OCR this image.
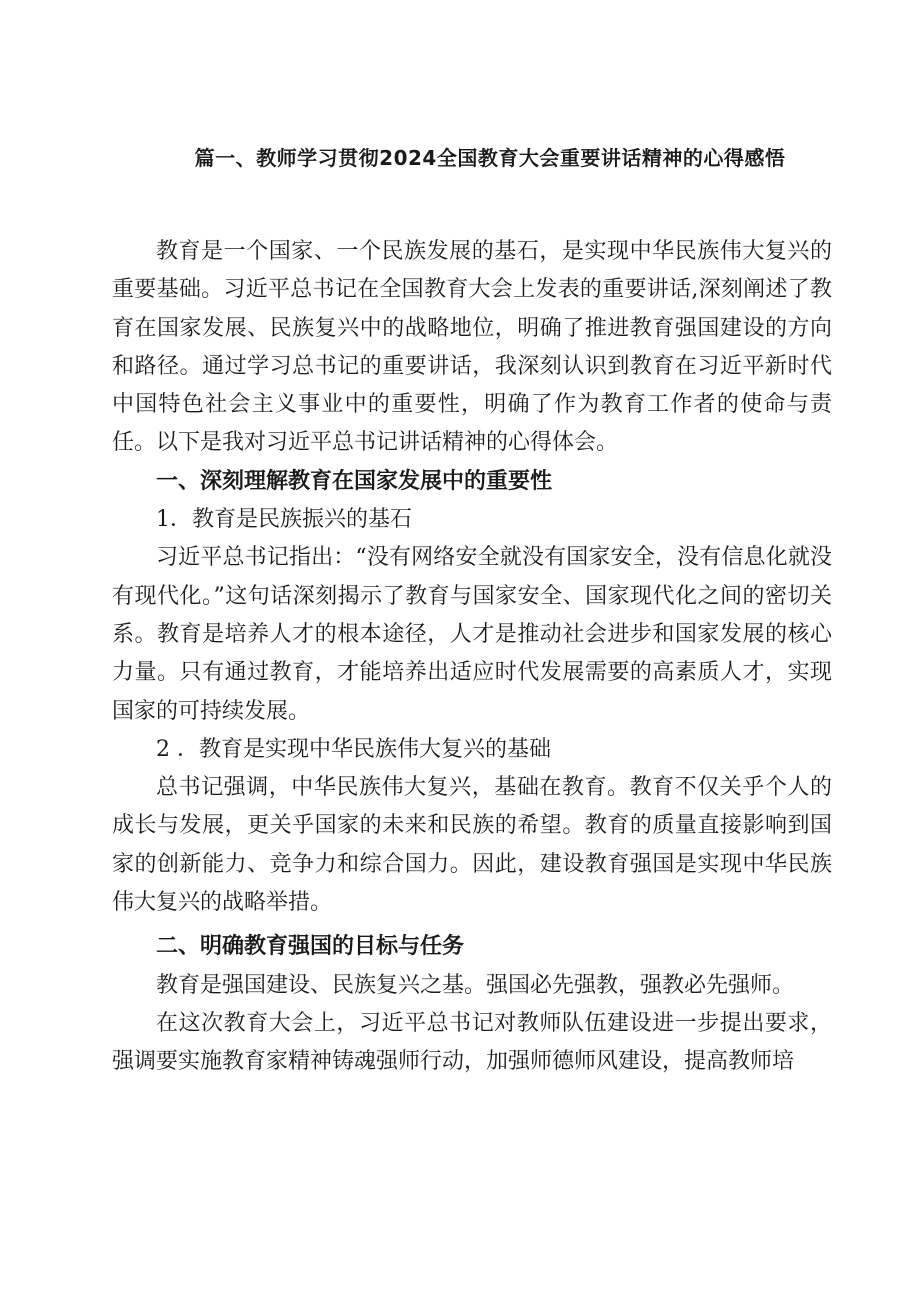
篇一、教师学习贯彻2024全国教育大会重要讲话精神的心得感悟

教育是一个国家、一个民族发展的基石，是实现中华民族伟大复兴的重要基础。习近平总书记在全国教育大会上发表的重要讲话,深刻阐述了教育在国家发展、民族复兴中的战略地位，明确了推进教育强国建设的方向和路径。通过学习总书记的重要讲话，我深刻认识到教育在习近平新时代中国特色社会主义事业中的重要性，明确了作为教育工作者的使命与责任。以下是我对习近平总书记讲话精神的心得体会。

一、深刻理解教育在国家发展中的重要性

1．教育是民族振兴的基石

习近平总书记指出：“没有网络安全就没有国家安全，没有信息化就没有现代化。”这句话深刻揭示了教育与国家安全、国家现代化之间的密切关系。教育是培养人才的根本途径，人才是推动社会进步和国家发展的核心力量。只有通过教育，才能培养出适应时代发展需要的高素质人才，实现国家的可持续发展。

2 ．教育是实现中华民族伟大复兴的基础

总书记强调，中华民族伟大复兴，基础在教育。教育不仅关乎个人的成长与发展，更关乎国家的未来和民族的希望。教育的质量直接影响到国家的创新能力、竞争力和综合国力。因此，建设教育强国是实现中华民族伟大复兴的战略举措。

二、明确教育强国的目标与任务

教育是强国建设、民族复兴之基。强国必先强教，强教必先强师。

在这次教育大会上，习近平总书记对教师队伍建设进一步提出要求，强调要实施教育家精神铸魂强师行动，加强师德师风建设，提高教师培
